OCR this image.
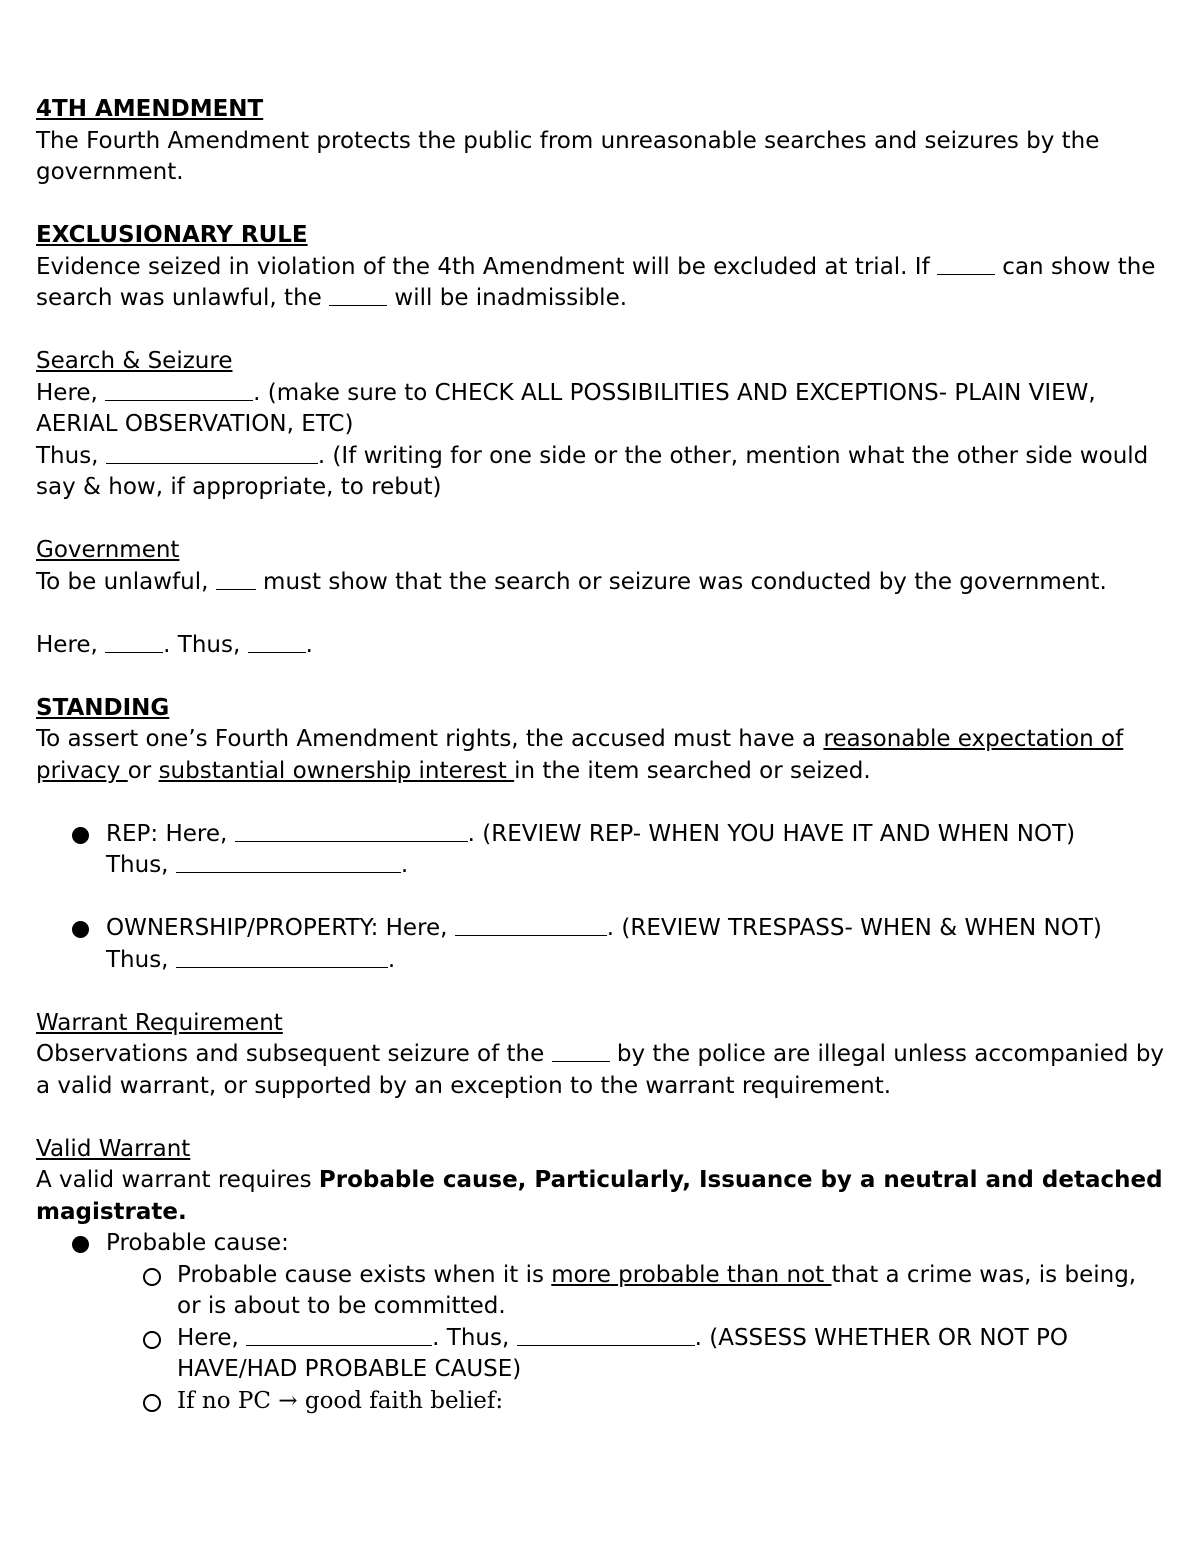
4TH AMENDMENT

The Fourth Amendment protects the public from unreasonable searches and seizures by the government.

EXCLUSIONARY RULE

Evidence seized in violation of the 4th Amendment will be excluded at trial. If	can show the search was unlawful, the	will be inadmissible.

Search & Seizure

Here,	. (make sure to CHECK ALL POSSIBILITIES AND EXCEPTIONS- PLAIN VIEW, AERIAL OBSERVATION, ETC)

Thus,	. (If writing for one side or the other, mention what the other side would say & how, if appropriate, to rebut)

Government

To be unlawful,  must show that the search or seizure was conducted by the government.

Here,	. Thus,	.

STANDING

To assert one’s Fourth Amendment rights, the accused must have a reasonable expectation of privacy or substantial ownership interest in the item searched or seized.

REP: Here,	. (REVIEW REP- WHEN YOU HAVE IT AND WHEN NOT)

Thus,	.

OWNERSHIP/PROPERTY: Here,	. (REVIEW TRESPASS- WHEN & WHEN NOT)

Thus,	.

Warrant Requirement

Observations and subsequent seizure of the	by the police are illegal unless accompanied by a valid warrant, or supported by an exception to the warrant requirement.

Valid Warrant

A valid warrant requires Probable cause, Particularly, Issuance by a neutral and detached magistrate.

Probable cause:

Probable cause exists when it is more probable than not that a crime was, is being, or is about to be committed.

Here,	. Thus,	. (ASSESS WHETHER OR NOT PO HAVE/HAD PROBABLE CAUSE)

If no PC → good faith belief:
